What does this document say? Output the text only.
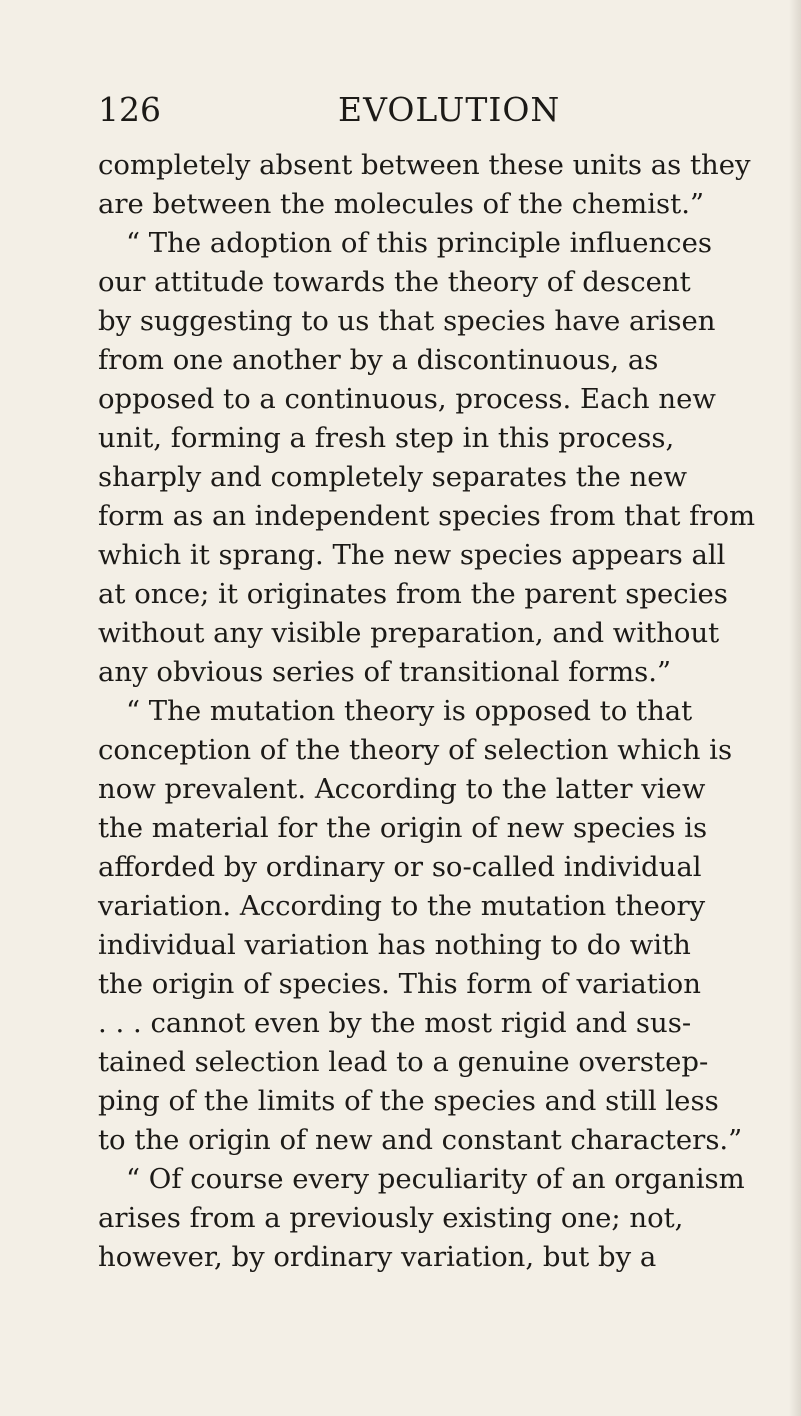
126	EVOLUTION
completely absent between these units as they
are between the molecules of the chemist.”
“ The adoption of this principle influences
our attitude towards the theory of descent
by suggesting to us that species have arisen
from one another by a discontinuous, as
opposed to a continuous, process. Each new
unit, forming a fresh step in this process,
sharply and completely separates the new
form as an independent species from that from
which it sprang. The new species appears all
at once; it originates from the parent species
without any visible preparation, and without
any obvious series of transitional forms.”
“ The mutation theory is opposed to that
conception of the theory of selection which is
now prevalent. According to the latter view
the material for the origin of new species is
afforded by ordinary or so-called individual
variation. According to the mutation theory
individual variation has nothing to do with
the origin of species. This form of variation
. . . cannot even by the most rigid and sus-
tained selection lead to a genuine overstep-
ping of the limits of the species and still less
to the origin of new and constant characters.”
“ Of course every peculiarity of an organism
arises from a previously existing one; not,
however, by ordinary variation, but by a
